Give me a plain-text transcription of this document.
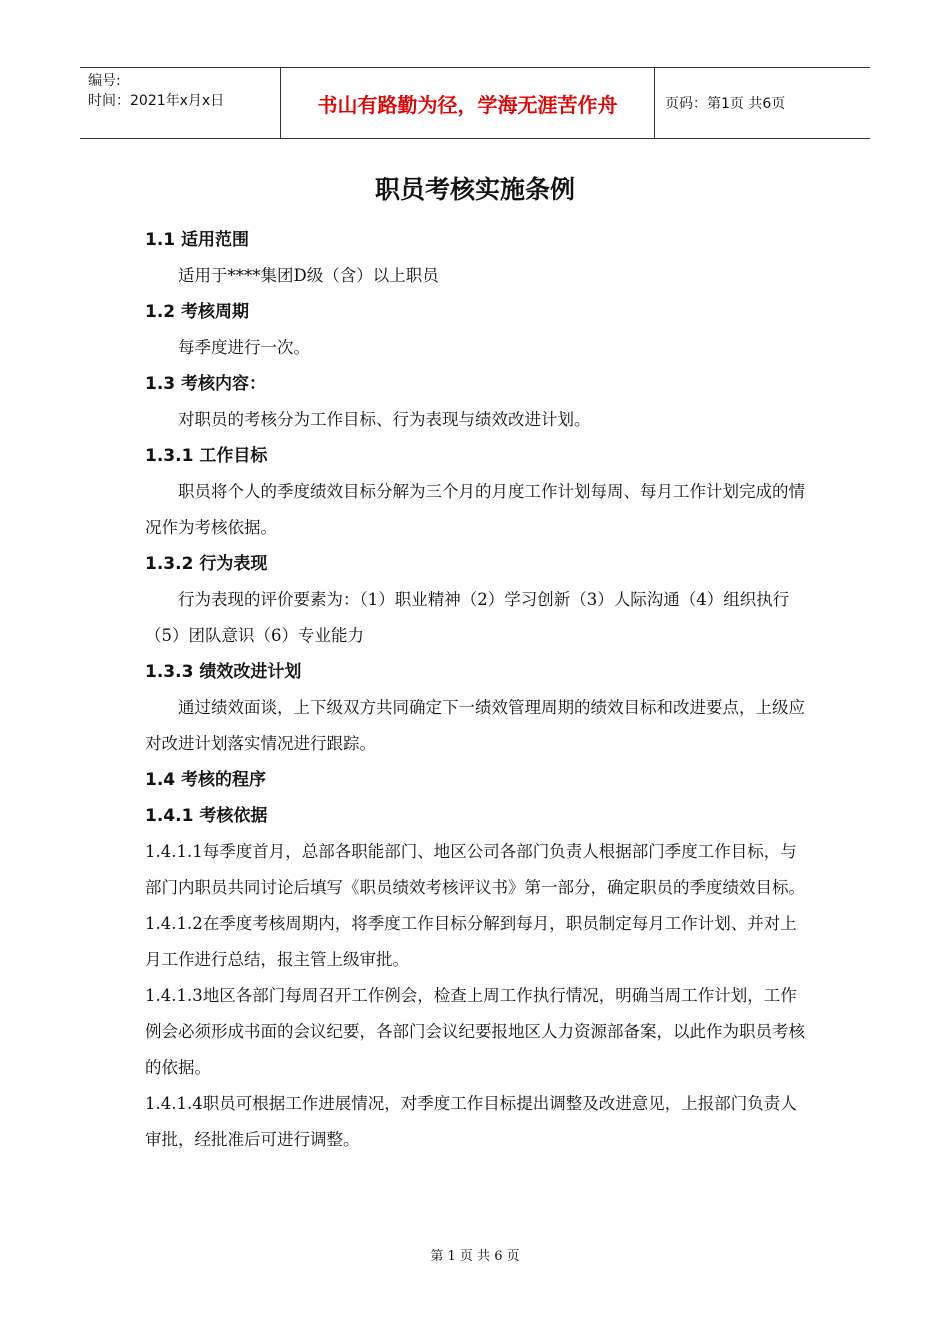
编号:
时间：2021年x月x日	书山有路勤为径，学海无涯苦作舟	页码：第1页 共6页
职员考核实施条例

1.1 适用范围

适用于****集团D级（含）以上职员

1.2 考核周期

每季度进行一次。

1.3 考核内容：

对职员的考核分为工作目标、行为表现与绩效改进计划。

1.3.1 工作目标

职员将个人的季度绩效目标分解为三个月的月度工作计划每周、每月工作计划完成的情况作为考核依据。

1.3.2 行为表现

行为表现的评价要素为：（1）职业精神（2）学习创新（3）人际沟通（4）组织执行（5）团队意识（6）专业能力

1.3.3 绩效改进计划

通过绩效面谈，上下级双方共同确定下一绩效管理周期的绩效目标和改进要点，上级应对改进计划落实情况进行跟踪。

1.4 考核的程序

1.4.1 考核依据

1.4.1.1每季度首月，总部各职能部门、地区公司各部门负责人根据部门季度工作目标，与部门内职员共同讨论后填写《职员绩效考核评议书》第一部分，确定职员的季度绩效目标。

1.4.1.2在季度考核周期内，将季度工作目标分解到每月，职员制定每月工作计划、并对上月工作进行总结，报主管上级审批。

1.4.1.3地区各部门每周召开工作例会，检查上周工作执行情况，明确当周工作计划，工作例会必须形成书面的会议纪要，各部门会议纪要报地区人力资源部备案，以此作为职员考核的依据。

1.4.1.4职员可根据工作进展情况，对季度工作目标提出调整及改进意见，上报部门负责人审批，经批准后可进行调整。

第 1 页 共 6 页
